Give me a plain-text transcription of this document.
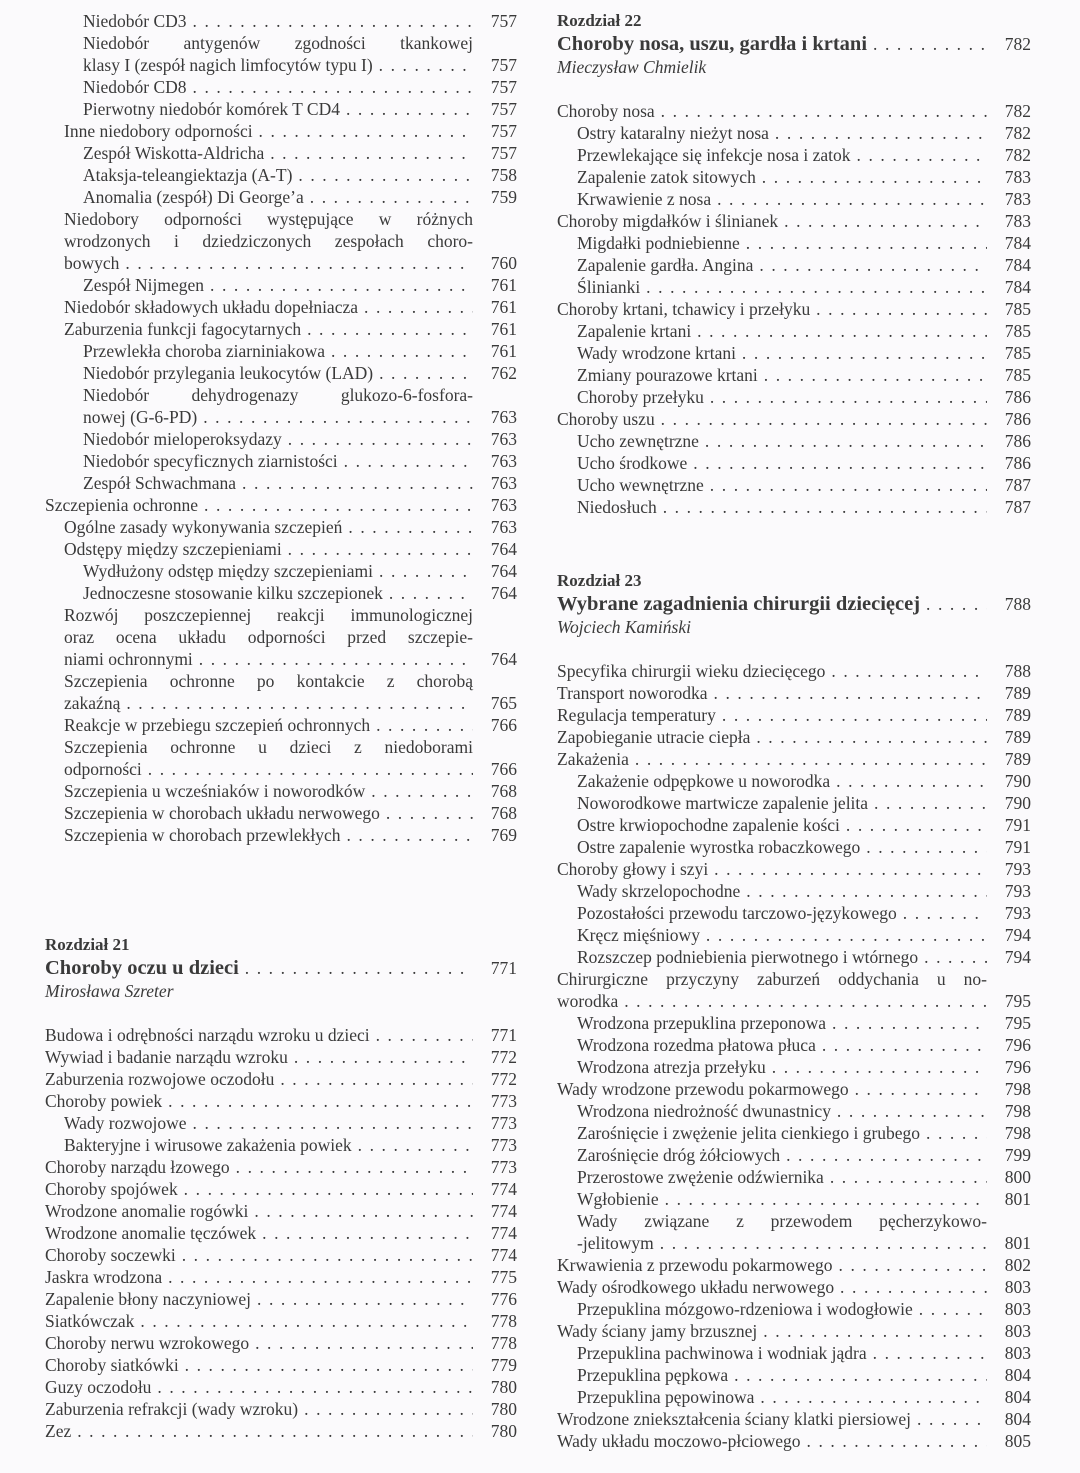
Niedobór CD3 . .	757
Niedobór antygenów zgodności tkankowej
klasy I (zespół nagich limfocytów typu I) . .	757
Niedobór CD8 . .	757
Pierwotny niedobór komórek T CD4 . .	757
Inne niedobory odporności . .	757
Zespół Wiskotta-Aldricha . .	757
Ataksja-teleangiektazja (A-T) . .	758
Anomalia (zespół) Di George’a . .	759
Niedobory odporności występujące w różnych
wrodzonych i dziedziczonych zespołach choro-
bowych . .	760
Zespół Nijmegen . .	761
Niedobór składowych układu dopełniacza . .	761
Zaburzenia funkcji fagocytarnych . .	761
Przewlekła choroba ziarniniakowa . .	761
Niedobór przylegania leukocytów (LAD) . .	762
Niedobór dehydrogenazy glukozo-6-fosfora-
nowej (G-6-PD) . .	763
Niedobór mieloperoksydazy . .	763
Niedobór specyficznych ziarnistości . .	763
Zespół Schwachmana . .	763
Szczepienia ochronne . .	763
Ogólne zasady wykonywania szczepień . .	763
Odstępy między szczepieniami . .	764
Wydłużony odstęp między szczepieniami . .	764
Jednoczesne stosowanie kilku szczepionek . .	764
Rozwój poszczepiennej reakcji immunologicznej
oraz ocena układu odporności przed szczepie-
niami ochronnymi . .	764
Szczepienia ochronne po kontakcie z chorobą
zakaźną . .	765
Reakcje w przebiegu szczepień ochronnych . .	766
Szczepienia ochronne u dzieci z niedoborami
odporności . .	766
Szczepienia u wcześniaków i noworodków . .	768
Szczepienia w chorobach układu nerwowego . .	768
Szczepienia w chorobach przewlekłych . .	769
Rozdział 21
Choroby oczu u dzieci . .	771
Mirosława Szreter
Budowa i odrębności narządu wzroku u dzieci . .	771
Wywiad i badanie narządu wzroku . .	772
Zaburzenia rozwojowe oczodołu . .	772
Choroby powiek . .	773
Wady rozwojowe . .	773
Bakteryjne i wirusowe zakażenia powiek . .	773
Choroby narządu łzowego . .	773
Choroby spojówek . .	774
Wrodzone anomalie rogówki . .	774
Wrodzone anomalie tęczówek . .	774
Choroby soczewki . .	774
Jaskra wrodzona . .	775
Zapalenie błony naczyniowej . .	776
Siatkówczak . .	778
Choroby nerwu wzrokowego . .	778
Choroby siatkówki . .	779
Guzy oczodołu . .	780
Zaburzenia refrakcji (wady wzroku) . .	780
Zez . .	780
Rozdział 22
Choroby nosa, uszu, gardła i krtani . .	782
Mieczysław Chmielik
Choroby nosa . .	782
Ostry kataralny nieżyt nosa . .	782
Przewlekające się infekcje nosa i zatok . .	782
Zapalenie zatok sitowych . .	783
Krwawienie z nosa . .	783
Choroby migdałków i ślinianek . .	783
Migdałki podniebienne . .	784
Zapalenie gardła. Angina . .	784
Ślinianki . .	784
Choroby krtani, tchawicy i przełyku . .	785
Zapalenie krtani . .	785
Wady wrodzone krtani . .	785
Zmiany pourazowe krtani . .	785
Choroby przełyku . .	786
Choroby uszu . .	786
Ucho zewnętrzne . .	786
Ucho środkowe . .	786
Ucho wewnętrzne . .	787
Niedosłuch . .	787
Rozdział 23
Wybrane zagadnienia chirurgii dziecięcej . .	788
Wojciech Kamiński
Specyfika chirurgii wieku dziecięcego . .	788
Transport noworodka . .	789
Regulacja temperatury . .	789
Zapobieganie utracie ciepła . .	789
Zakażenia . .	789
Zakażenie odpępkowe u noworodka . .	790
Noworodkowe martwicze zapalenie jelita . .	790
Ostre krwiopochodne zapalenie kości . .	791
Ostre zapalenie wyrostka robaczkowego . .	791
Choroby głowy i szyi . .	793
Wady skrzelopochodne . .	793
Pozostałości przewodu tarczowo-językowego . .	793
Kręcz mięśniowy . .	794
Rozszczep podniebienia pierwotnego i wtórnego . .	794
Chirurgiczne przyczyny zaburzeń oddychania u no-
worodka . .	795
Wrodzona przepuklina przeponowa . .	795
Wrodzona rozedma płatowa płuca . .	796
Wrodzona atrezja przełyku . .	796
Wady wrodzone przewodu pokarmowego . .	798
Wrodzona niedrożność dwunastnicy . .	798
Zarośnięcie i zwężenie jelita cienkiego i grubego . .	798
Zarośnięcie dróg żółciowych . .	799
Przerostowe zwężenie odźwiernika . .	800
Wgłobienie . .	801
Wady związane z przewodem pęcherzykowo-
-jelitowym . .	801
Krwawienia z przewodu pokarmowego . .	802
Wady ośrodkowego układu nerwowego . .	803
Przepuklina mózgowo-rdzeniowa i wodogłowie . .	803
Wady ściany jamy brzusznej . .	803
Przepuklina pachwinowa i wodniak jądra . .	803
Przepuklina pępkowa . .	804
Przepuklina pępowinowa . .	804
Wrodzone zniekształcenia ściany klatki piersiowej . .	804
Wady układu moczowo-płciowego . .	805
